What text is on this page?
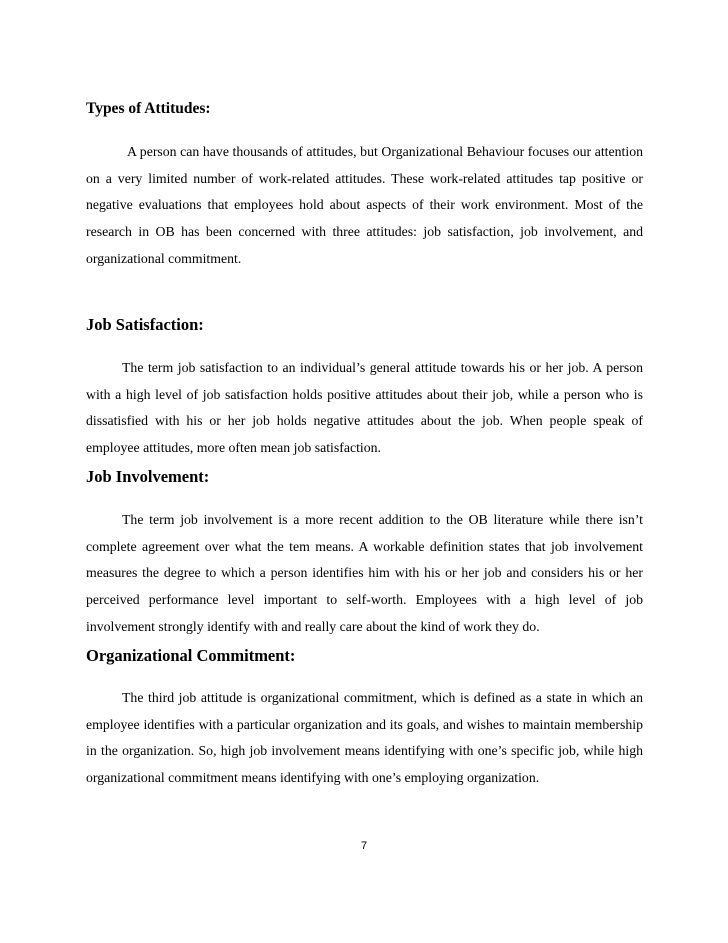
Types of Attitudes:

A person can have thousands of attitudes, but Organizational Behaviour focuses our attention on a very limited number of work-related attitudes. These work-related attitudes tap positive or negative evaluations that employees hold about aspects of their work environment. Most of the research in OB has been concerned with three attitudes: job satisfaction, job involvement, and organizational commitment.

Job Satisfaction:

The term job satisfaction to an individual’s general attitude towards his or her job. A person with a high level of job satisfaction holds positive attitudes about their job, while a person who is dissatisfied with his or her job holds negative attitudes about the job. When people speak of employee attitudes, more often mean job satisfaction.

Job Involvement:

The term job involvement is a more recent addition to the OB literature while there isn’t complete agreement over what the tem means. A workable definition states that job involvement measures the degree to which a person identifies him with his or her job and considers his or her perceived performance level important to self-worth. Employees with a high level of job involvement strongly identify with and really care about the kind of work they do.

Organizational Commitment:

The third job attitude is organizational commitment, which is defined as a state in which an employee identifies with a particular organization and its goals, and wishes to maintain membership in the organization. So, high job involvement means identifying with one’s specific job, while high organizational commitment means identifying with one’s employing organization.

7
